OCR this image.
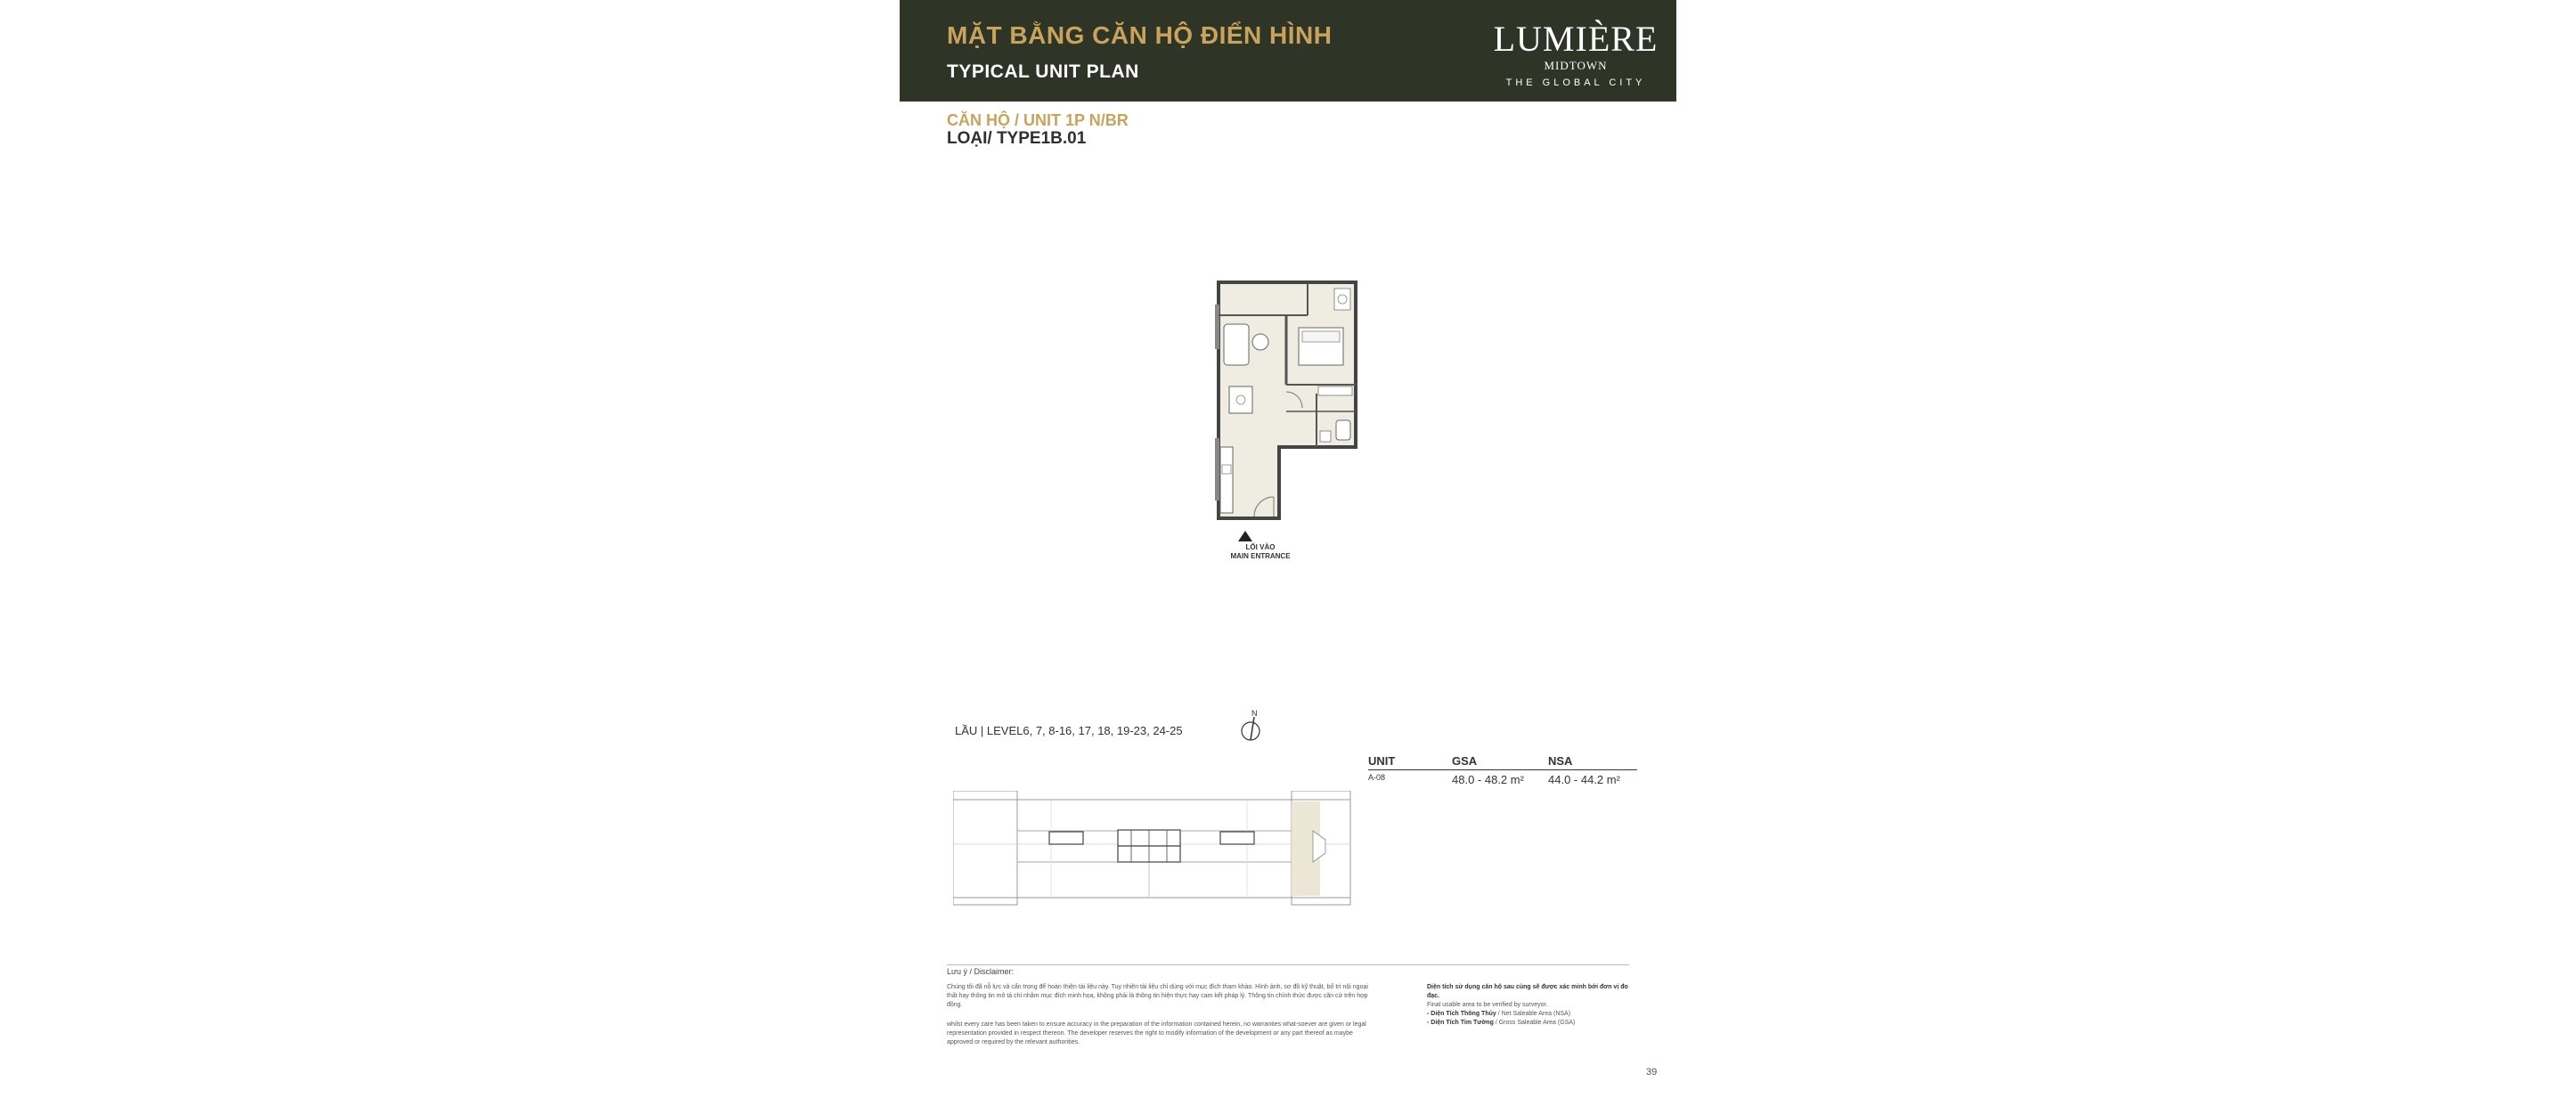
MẶT BẰNG CĂN HỘ ĐIỂN HÌNH
TYPICAL UNIT PLAN
LUMIÈRE
MIDTOWN
THE GLOBAL CITY
CĂN HỘ / UNIT 1P N/BR
LOẠI/ TYPE1B.01
LỐI VÀO
MAIN ENTRANCE
LẦU | LEVEL6, 7, 8-16, 17, 18, 19-23, 24-25
N
UNIT	GSA	NSA
A-08	48.0 - 48.2 m²	44.0 - 44.2 m²
Lưu ý / Disclaimer:
Chúng tôi đã nỗ lực và cẩn trọng để hoàn thiện tài liệu này. Tuy nhiên tài liệu chỉ dùng với mục đích tham khảo. Hình ảnh, sơ đồ kỹ thuật, bố trí nội ngoại thất hay thông tin mô tả chỉ nhằm mục đích minh họa, không phải là thông tin hiện thực hay cam kết pháp lý. Thông tin chính thức được căn cứ trên hợp đồng.
whilst every care has been taken to ensure accuracy in the preparation of the information contained herein, no warranties what-soever are given or legal representation provided in respect thereon. The developer reserves the right to modify information of the development or any part thereof as maybe approved or required by the relevant authorities.
Diện tích sử dụng căn hộ sau cùng sẽ được xác minh bởi đơn vị đo đạc.
Final usable area to be verified by surveyor.
- Diện Tích Thông Thủy / Net Saleable Area (NSA)
- Diện Tích Tim Tường / Gross Saleable Area (GSA)
39
